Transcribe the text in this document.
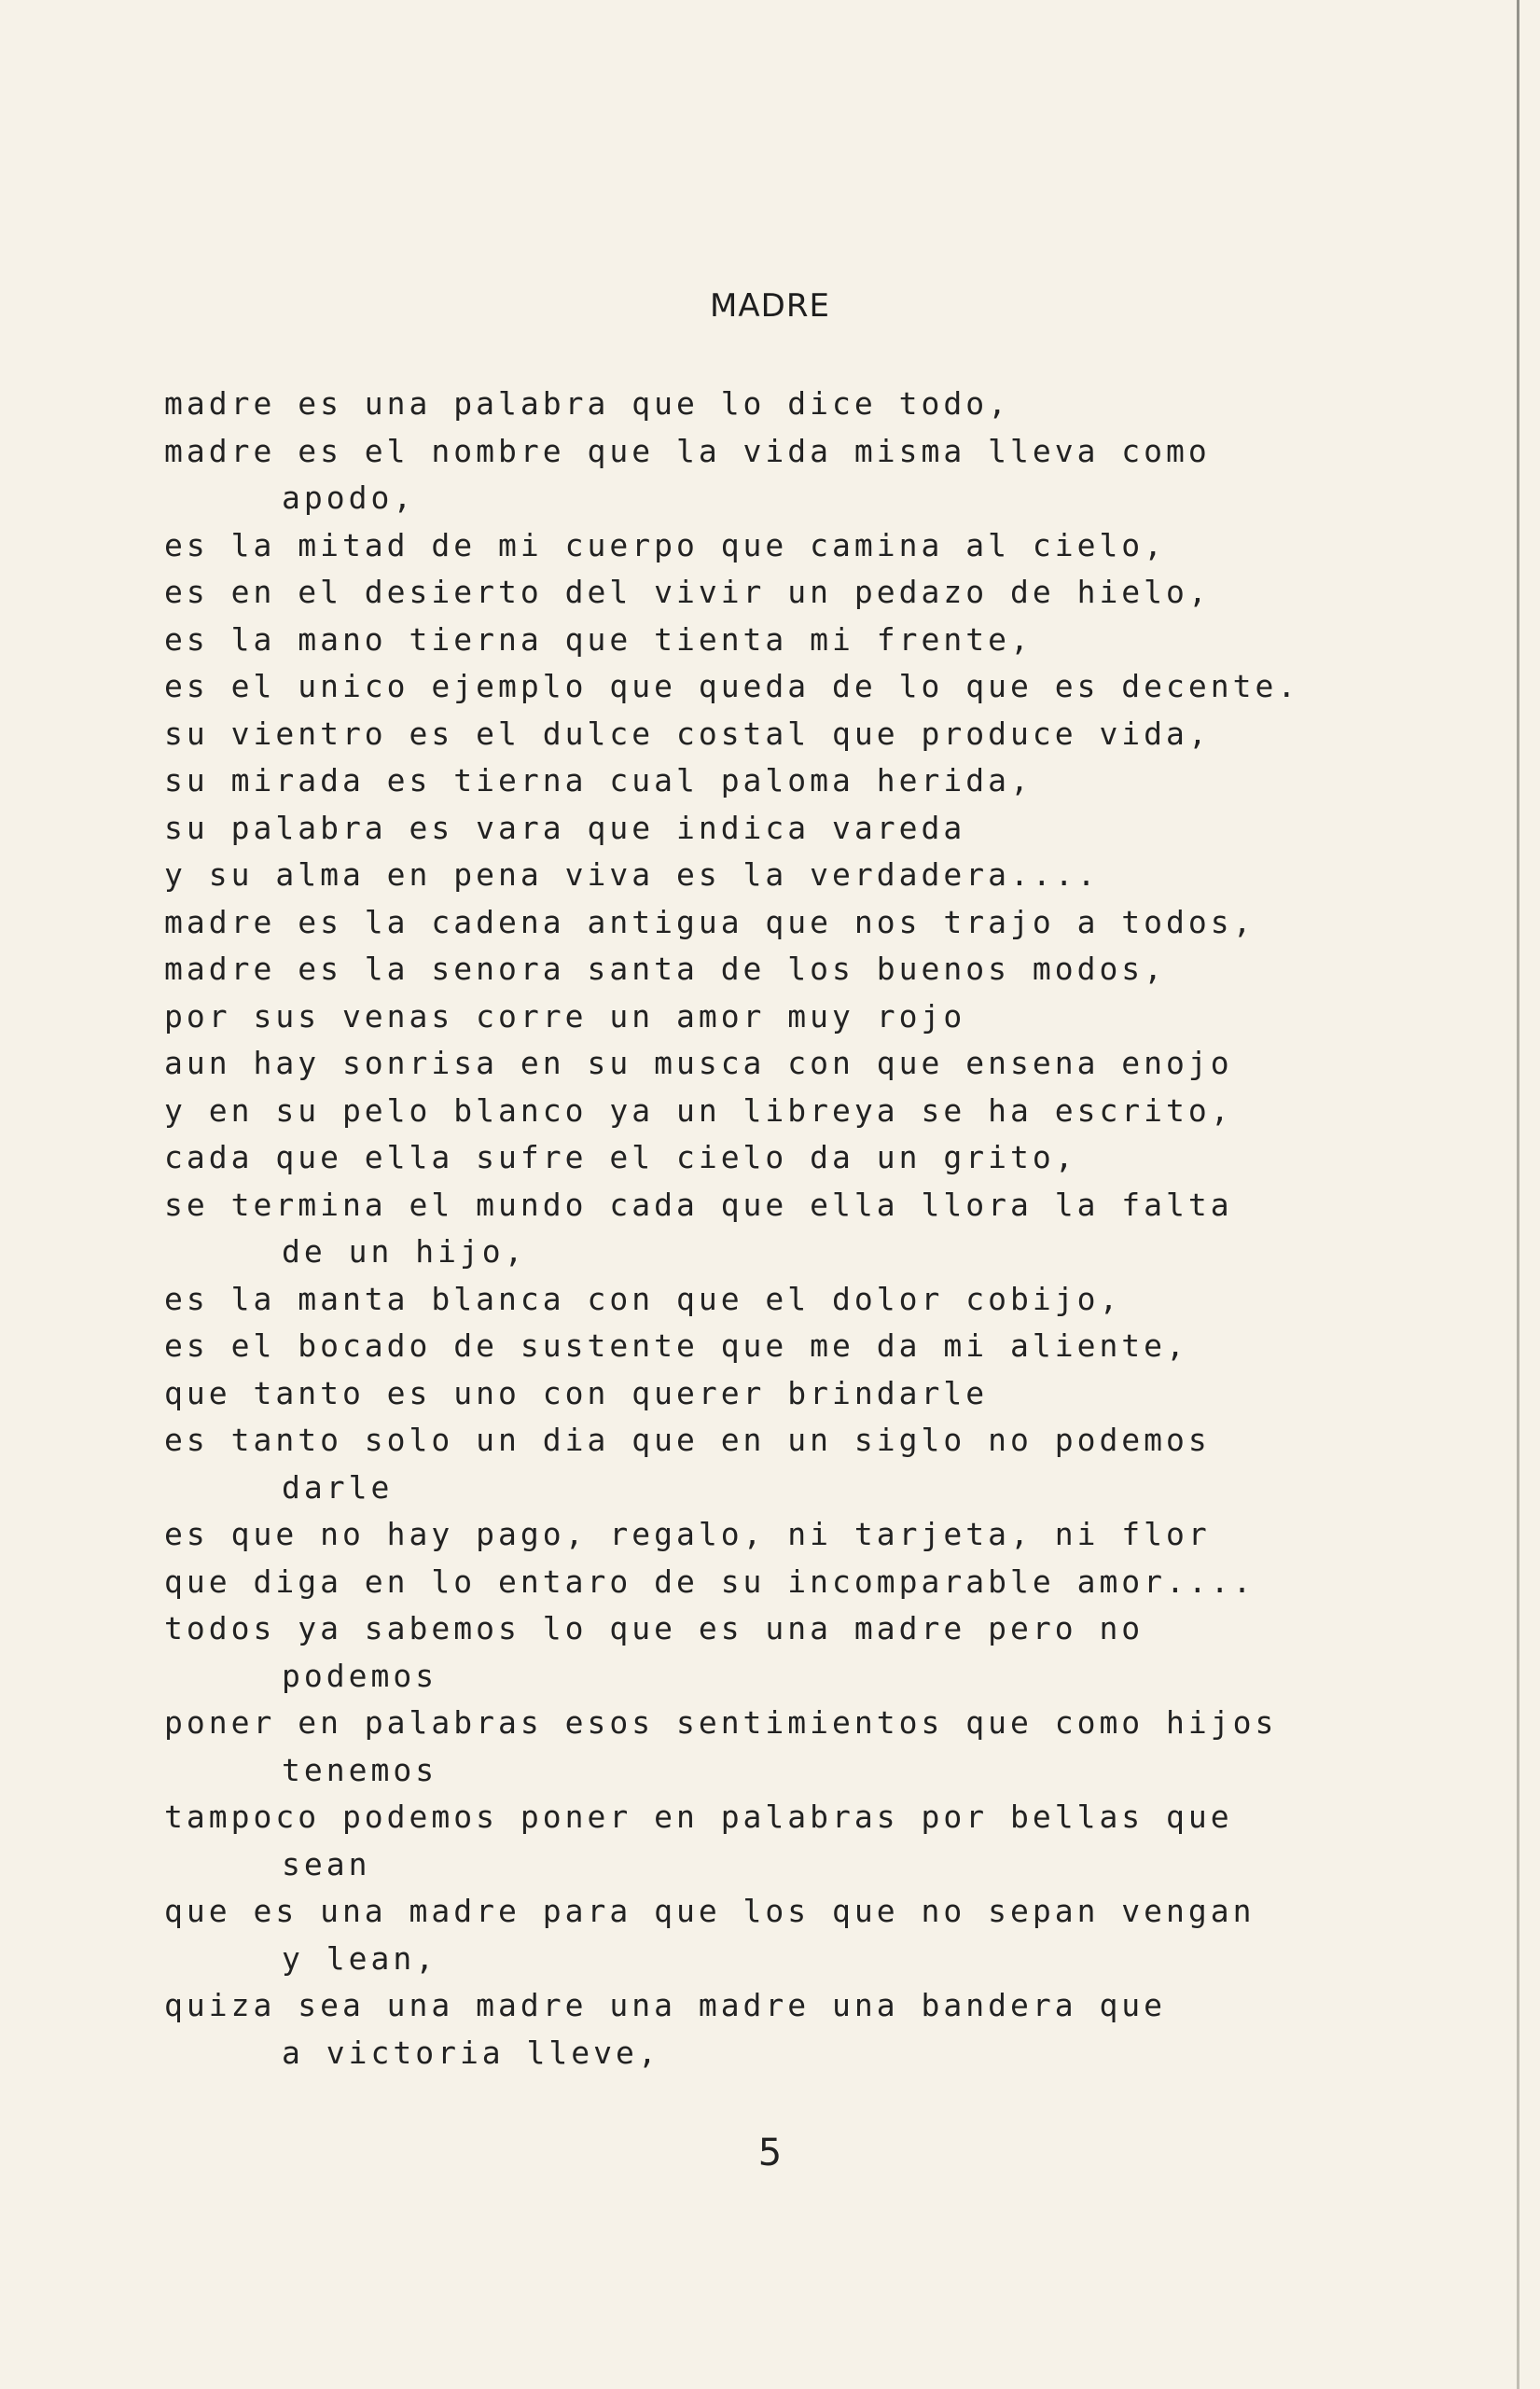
MADRE
madre es una palabra que lo dice todo,
madre es el nombre que la vida misma lleva como
apodo,
es la mitad de mi cuerpo que camina al cielo,
es en el desierto del vivir un pedazo de hielo,
es la mano tierna que tienta mi frente,
es el unico ejemplo que queda de lo que es decente.
su vientro es el dulce costal que produce vida,
su mirada es tierna cual paloma herida,
su palabra es vara que indica vareda
y su alma en pena viva es la verdadera....
madre es la cadena antigua que nos trajo a todos,
madre es la senora santa de los buenos modos,
por sus venas corre un amor muy rojo
aun hay sonrisa en su musca con que ensena enojo
y en su pelo blanco ya un libreya se ha escrito,
cada que ella sufre el cielo da un grito,
se termina el mundo cada que ella llora la falta
de un hijo,
es la manta blanca con que el dolor cobijo,
es el bocado de sustente que me da mi aliente,
que tanto es uno con querer brindarle
es tanto solo un dia que en un siglo no podemos
darle
es que no hay pago, regalo, ni tarjeta, ni flor
que diga en lo entaro de su incomparable amor....
todos ya sabemos lo que es una madre pero no
podemos
poner en palabras esos sentimientos que como hijos
tenemos
tampoco podemos poner en palabras por bellas que
sean
que es una madre para que los que no sepan vengan
y lean,
quiza sea una madre una madre una bandera que
a victoria lleve,
5
